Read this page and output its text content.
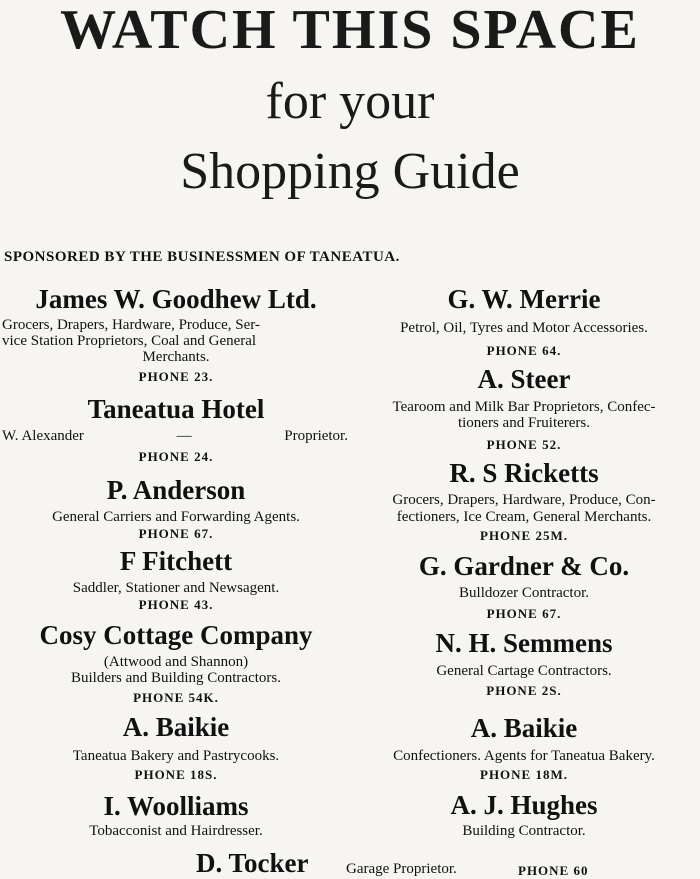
WATCH THIS SPACE
for your
Shopping Guide
SPONSORED BY THE BUSINESSMEN OF TANEATUA.
James W. Goodhew Ltd.
Grocers, Drapers, Hardware, Produce, Ser-
vice Station Proprietors, Coal and General
Merchants.
PHONE 23.
Taneatua Hotel
W. Alexander	—	Proprietor.
PHONE 24.
P. Anderson
General Carriers and Forwarding Agents.
PHONE 67.
F Fitchett
Saddler, Stationer and Newsagent.
PHONE 43.
Cosy Cottage Company
(Attwood and Shannon)
Builders and Building Contractors.
PHONE 54K.
A. Baikie
Taneatua Bakery and Pastrycooks.
PHONE 18S.
I. Woolliams
Tobacconist and Hairdresser.
G. W. Merrie
Petrol, Oil, Tyres and Motor Accessories.
PHONE 64.
A. Steer
Tearoom and Milk Bar Proprietors, Confec-
tioners and Fruiterers.
PHONE 52.
R. S Ricketts
Grocers, Drapers, Hardware, Produce, Con-
fectioners, Ice Cream, General Merchants.
PHONE 25M.
G. Gardner & Co.
Bulldozer Contractor.
PHONE 67.
N. H. Semmens
General Cartage Contractors.
PHONE 2S.
A. Baikie
Confectioners. Agents for Taneatua Bakery.
PHONE 18M.
A. J. Hughes
Building Contractor.
D. Tocker Garage Proprietor.	PHONE 60
